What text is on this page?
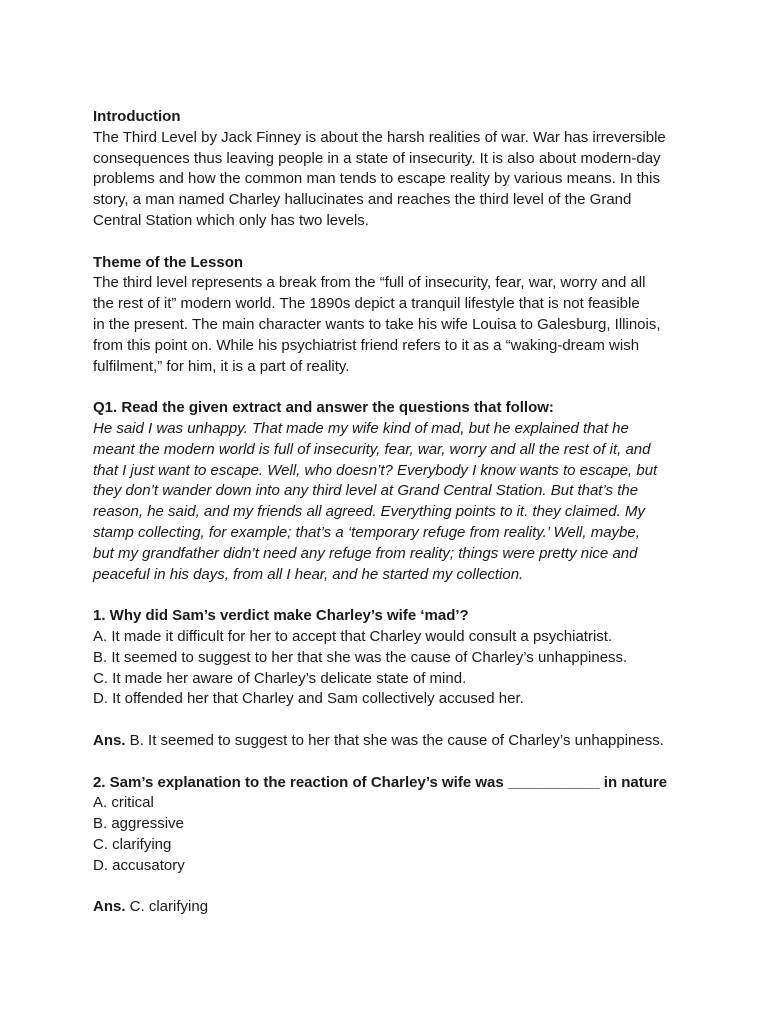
Introduction

The Third Level by Jack Finney is about the harsh realities of war. War has irreversible

consequences thus leaving people in a state of insecurity. It is also about modern-day

problems and how the common man tends to escape reality by various means. In this

story, a man named Charley hallucinates and reaches the third level of the Grand

Central Station which only has two levels.

Theme of the Lesson

The third level represents a break from the “full of insecurity, fear, war, worry and all

the rest of it” modern world. The 1890s depict a tranquil lifestyle that is not feasible

in the present. The main character wants to take his wife Louisa to Galesburg, Illinois,

from this point on. While his psychiatrist friend refers to it as a “waking-dream wish

fulfilment,” for him, it is a part of reality.

Q1. Read the given extract and answer the questions that follow:

He said I was unhappy. That made my wife kind of mad, but he explained that he

meant the modern world is full of insecurity, fear, war, worry and all the rest of it, and

that I just want to escape. Well, who doesn’t? Everybody I know wants to escape, but

they don’t wander down into any third level at Grand Central Station. But that’s the

reason, he said, and my friends all agreed. Everything points to it. they claimed. My

stamp collecting, for example; that’s a ‘temporary refuge from reality.’ Well, maybe,

but my grandfather didn’t need any refuge from reality; things were pretty nice and

peaceful in his days, from all I hear, and he started my collection.

1. Why did Sam’s verdict make Charley’s wife ‘mad’?

A. It made it difficult for her to accept that Charley would consult a psychiatrist.

B. It seemed to suggest to her that she was the cause of Charley’s unhappiness.

C. It made her aware of Charley’s delicate state of mind.

D. It offended her that Charley and Sam collectively accused her.

Ans. B. It seemed to suggest to her that she was the cause of Charley’s unhappiness.

2. Sam’s explanation to the reaction of Charley’s wife was ___________ in nature

A. critical

B. aggressive

C. clarifying

D. accusatory

Ans. C. clarifying
